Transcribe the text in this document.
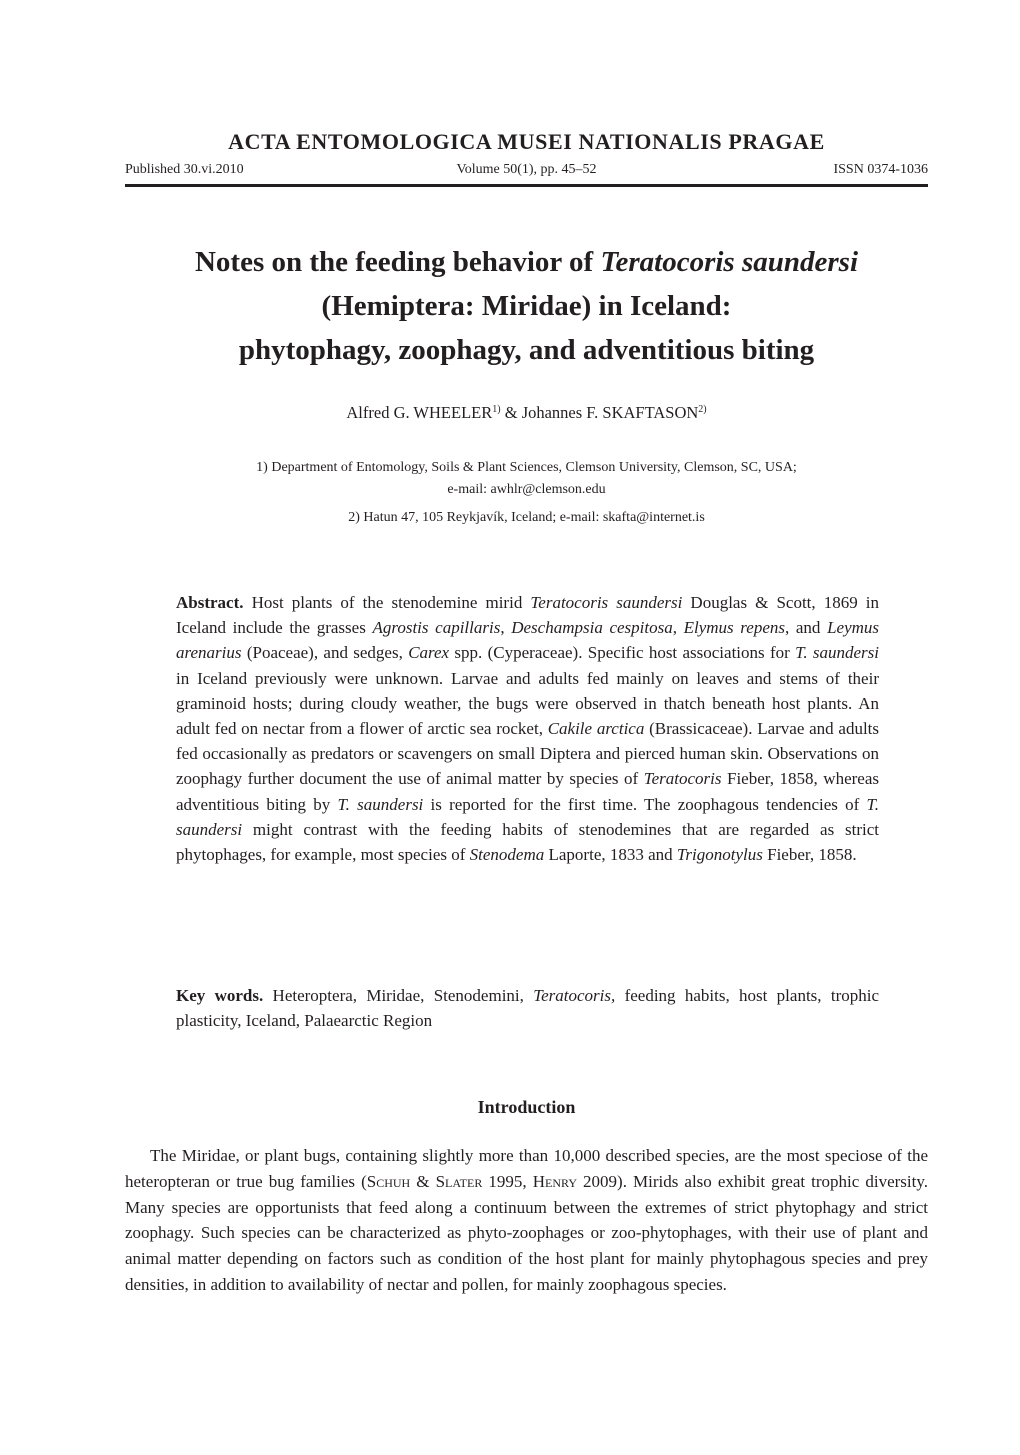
ACTA ENTOMOLOGICA MUSEI NATIONALIS PRAGAE
Volume 50(1), pp. 45–52
Published 30.vi.2010	ISSN 0374-1036
Notes on the feeding behavior of Teratocoris saundersi
(Hemiptera: Miridae) in Iceland:
phytophagy, zoophagy, and adventitious biting
Alfred G. WHEELER$^{1)}$ & Johannes F. SKAFTASON$^{2)}$
1) Department of Entomology, Soils & Plant Sciences, Clemson University, Clemson, SC, USA;
e-mail: awhlr@clemson.edu
2) Hatun 47, 105 Reykjavík, Iceland; e-mail: skafta@internet.is
Abstract. Host plants of the stenodemine mirid Teratocoris saundersi Douglas & Scott, 1869 in Iceland include the grasses Agrostis capillaris, Deschampsia cespitosa, Elymus repens, and Leymus arenarius (Poaceae), and sedges, Carex spp. (Cyperaceae). Specific host associations for T. saundersi in Iceland previously were unknown. Larvae and adults fed mainly on leaves and stems of their graminoid hosts; during cloudy weather, the bugs were observed in thatch beneath host plants. An adult fed on nectar from a flower of arctic sea rocket, Cakile arctica (Brassicaceae). Larvae and adults fed occasionally as predators or scavengers on small Diptera and pierced human skin. Observations on zoophagy further document the use of animal matter by species of Teratocoris Fieber, 1858, whereas adventitious biting by T. saundersi is reported for the first time. The zoophagous tendencies of T. saundersi might contrast with the feeding habits of stenodemines that are regarded as strict phytophages, for example, most species of Stenodema Laporte, 1833 and Trigonotylus Fieber, 1858.
Key words. Heteroptera, Miridae, Stenodemini, Teratocoris, feeding habits, host plants, trophic plasticity, Iceland, Palaearctic Region
Introduction
The Miridae, or plant bugs, containing slightly more than 10,000 described species, are the most speciose of the heteropteran or true bug families (Schuh & Slater 1995, Henry 2009). Mirids also exhibit great trophic diversity. Many species are opportunists that feed along a continuum between the extremes of strict phytophagy and strict zoophagy. Such species can be characterized as phyto-zoophages or zoo-phytophages, with their use of plant and animal matter depending on factors such as condition of the host plant for mainly phytophagous species and prey densities, in addition to availability of nectar and pollen, for mainly zoophagous species.
